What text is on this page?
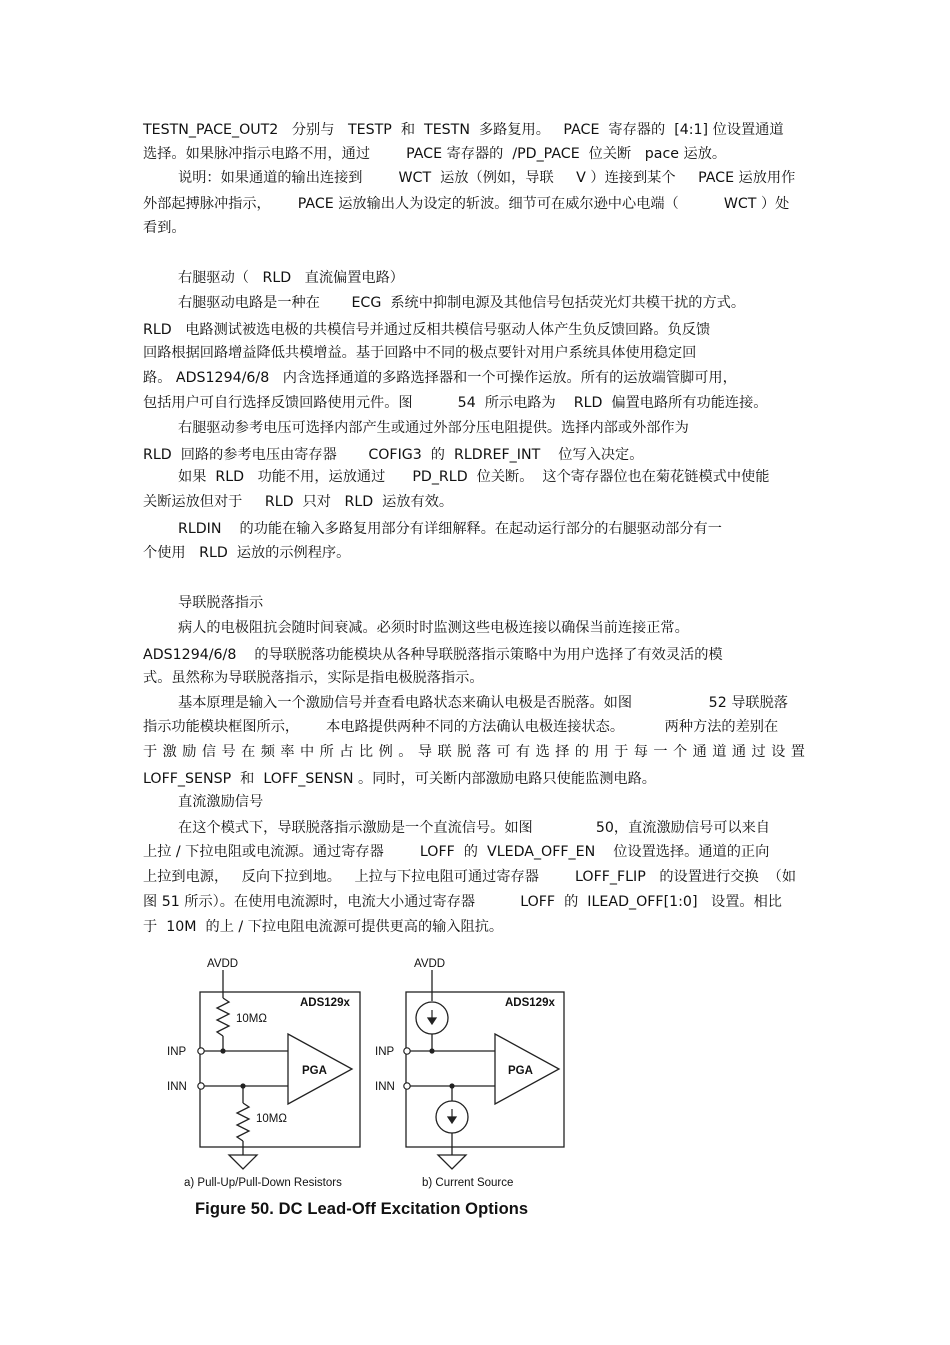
TESTN_PACE_OUT2   分别与   TESTP  和  TESTN  多路复用。   PACE  寄存器的  [4:1] 位设置通道
选择。如果脉冲指示电路不用，通过        PACE 寄存器的  /PD_PACE  位关断   pace 运放。
说明：如果通道的输出连接到        WCT  运放（例如，导联     V ）连接到某个     PACE 运放用作
外部起搏脉冲指示，      PACE 运放输出人为设定的斩波。细节可在威尔逊中心电端（          WCT ）处
看到。
右腿驱动（   RLD   直流偏置电路）
右腿驱动电路是一种在       ECG  系统中抑制电源及其他信号包括荧光灯共模干扰的方式。
RLD   电路测试被选电极的共模信号并通过反相共模信号驱动人体产生负反馈回路。负反馈
回路根据回路增益降低共模增益。基于回路中不同的极点要针对用户系统具体使用稳定回
路。 ADS1294/6/8   内含选择通道的多路选择器和一个可操作运放。所有的运放端管脚可用，
包括用户可自行选择反馈回路使用元件。图          54  所示电路为    RLD  偏置电路所有功能连接。
右腿驱动参考电压可选择内部产生或通过外部分压电阻提供。选择内部或外部作为
RLD  回路的参考电压由寄存器       COFIG3  的  RLDREF_INT    位写入决定。
如果  RLD   功能不用，运放通过      PD_RLD  位关断。  这个寄存器位也在菊花链模式中使能
关断运放但对于     RLD  只对   RLD  运放有效。
RLDIN    的功能在输入多路复用部分有详细解释。在起动运行部分的右腿驱动部分有一
个使用   RLD  运放的示例程序。
导联脱落指示
病人的电极阻抗会随时间衰减。必须时时监测这些电极连接以确保当前连接正常。
ADS1294/6/8    的导联脱落功能模块从各种导联脱落指示策略中为用户选择了有效灵活的模
式。虽然称为导联脱落指示，实际是指电极脱落指示。
基本原理是输入一个激励信号并查看电路状态来确认电极是否脱落。如图                 52 导联脱落
指示功能模块框图所示，      本电路提供两种不同的方法确认电极连接状态。         两种方法的差别在
于 激 励 信 号 在 频 率 中 所 占 比 例 。 导 联 脱 落 可 有 选 择 的 用 于 每 一 个 通 道 通 过 设 置
LOFF_SENSP  和  LOFF_SENSN 。同时，可关断内部激励电路只使能监测电路。
直流激励信号
在这个模式下，导联脱落指示激励是一个直流信号。如图              50，直流激励信号可以来自
上拉 / 下拉电阻或电流源。通过寄存器        LOFF  的  VLEDA_OFF_EN    位设置选择。通道的正向
上拉到电源，   反向下拉到地。   上拉与下拉电阻可通过寄存器        LOFF_FLIP   的设置进行交换  （如
图 51 所示）。在使用电流源时，电流大小通过寄存器          LOFF  的  ILEAD_OFF[1:0]   设置。相比
于  10M  的上 / 下拉电阻电流源可提供更高的输入阻抗。
AVDD	AVDD
ADS129x	ADS129x
10MΩ
10MΩ
INP
INN
INP
INN
PGA	PGA
a) Pull-Up/Pull-Down Resistors	b) Current Source
Figure 50. DC Lead-Off Excitation Options
